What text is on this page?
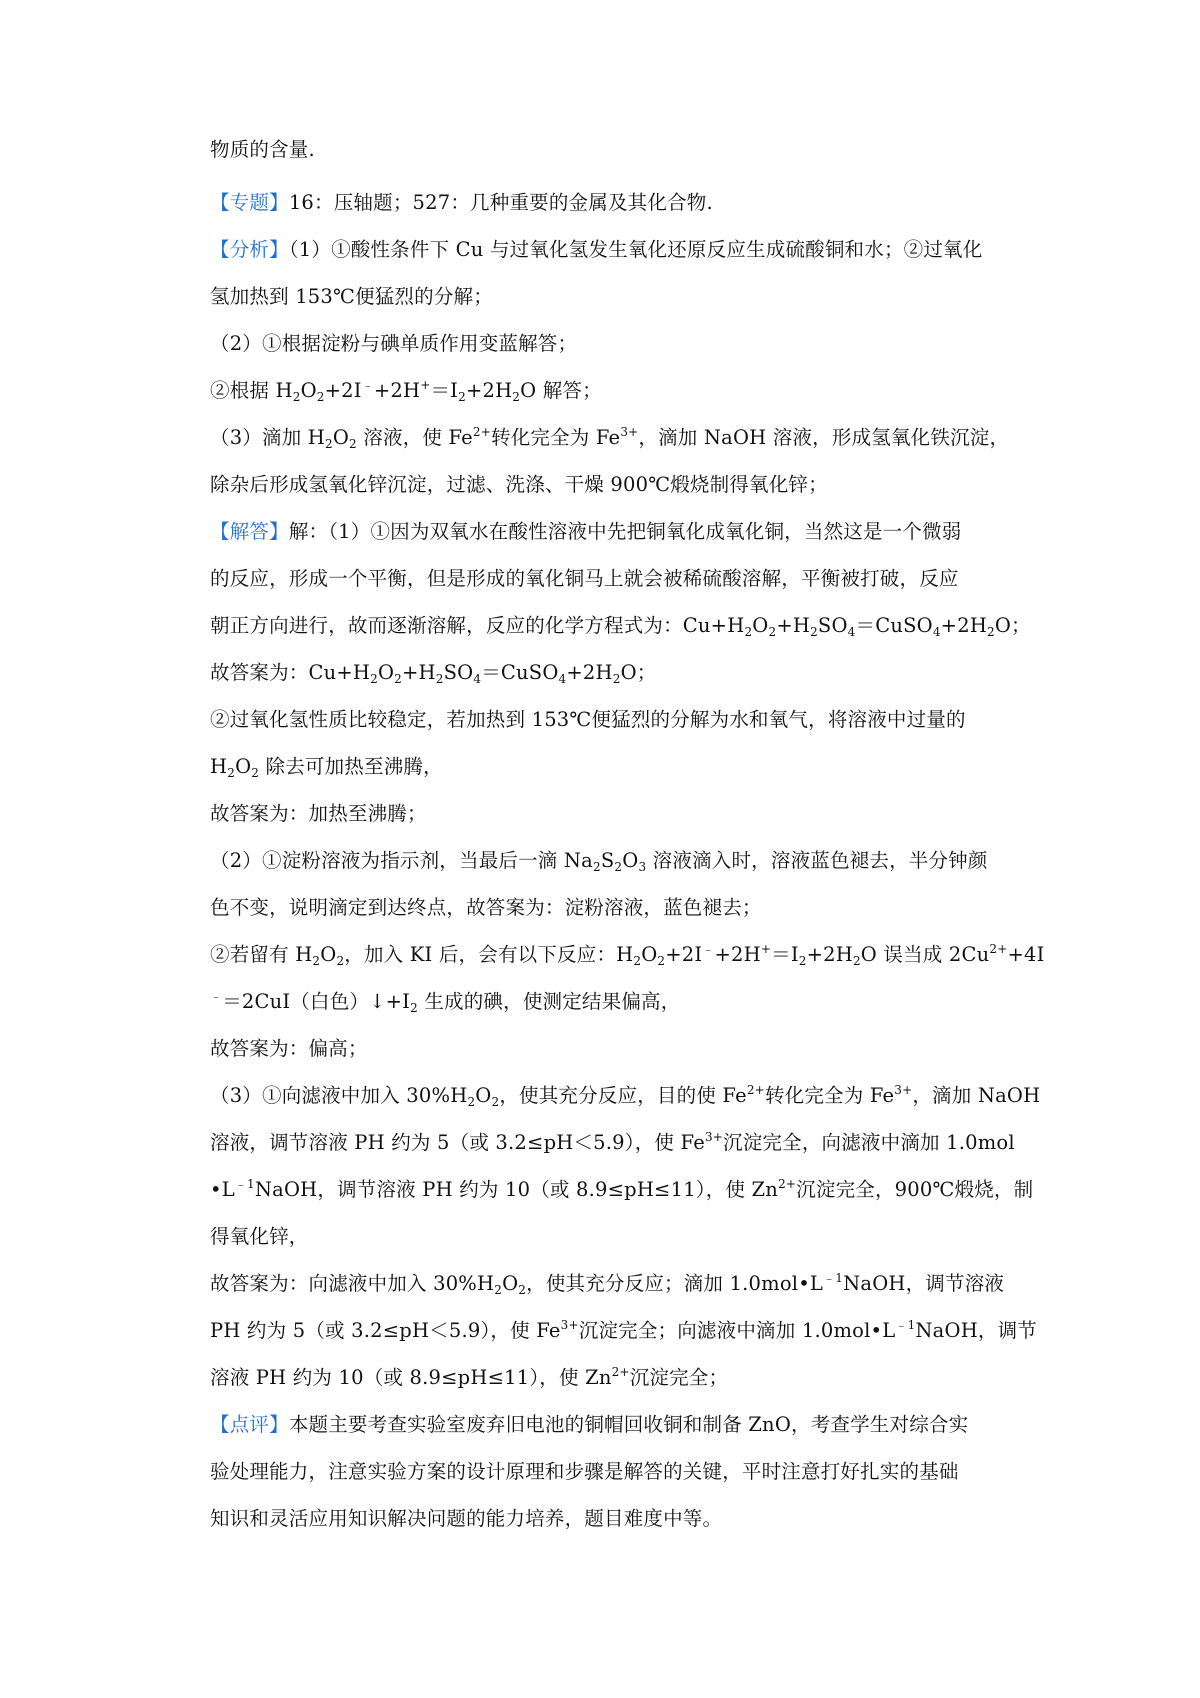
物质的含量.
【专题】16：压轴题；527：几种重要的金属及其化合物.
【分析】（1）①酸性条件下 Cu 与过氧化氢发生氧化还原反应生成硫酸铜和水；②过氧化
氢加热到 153℃便猛烈的分解；
（2）①根据淀粉与碘单质作用变蓝解答；
②根据 $H_2O_2+2I^﹣+2H^+=I_2+2H_2O$ 解答；
（3）滴加 $H_2O_2$ 溶液，使 $Fe^{2+}$转化完全为 $Fe^{3+}$，滴加 NaOH 溶液，形成氢氧化铁沉淀，
除杂后形成氢氧化锌沉淀，过滤、洗涤、干燥 900℃煅烧制得氧化锌；
【解答】解：（1）①因为双氧水在酸性溶液中先把铜氧化成氧化铜，当然这是一个微弱
的反应，形成一个平衡，但是形成的氧化铜马上就会被稀硫酸溶解，平衡被打破，反应
朝正方向进行，故而逐渐溶解，反应的化学方程式为：$Cu+H_2O_2+H_2SO_4=CuSO_4+2H_2O$；
故答案为：$Cu+H_2O_2+H_2SO_4=CuSO_4+2H_2O$；
②过氧化氢性质比较稳定，若加热到 153℃便猛烈的分解为水和氧气，将溶液中过量的
$H_2O_2$ 除去可加热至沸腾，
故答案为：加热至沸腾；
（2）①淀粉溶液为指示剂，当最后一滴 $Na_2S_2O_3$ 溶液滴入时，溶液蓝色褪去，半分钟颜
色不变，说明滴定到达终点，故答案为：淀粉溶液，蓝色褪去；
②若留有 $H_2O_2$，加入 KI 后，会有以下反应：$H_2O_2+2I^﹣+2H^+=I_2+2H_2O$ 误当成 $2Cu^{2+}+4I$
﹣＝2CuI（白色）$↓+I_2$ 生成的碘，使测定结果偏高，
故答案为：偏高；
（3）①向滤液中加入 $30\%H_2O_2$，使其充分反应，目的使 $Fe^{2+}$转化完全为 $Fe^{3+}$，滴加 NaOH
溶液，调节溶液 PH 约为 5（或 3.2≤pH＜5.9），使 $Fe^{3+}$沉淀完全，向滤液中滴加 1.0mol
$•L^{﹣1}NaOH$，调节溶液 PH 约为 10（或 8.9≤pH≤11），使 $Zn^{2+}$沉淀完全，900℃煅烧，制
得氧化锌，
故答案为：向滤液中加入 $30\%H_2O_2$，使其充分反应；滴加 $1.0mol•L^{﹣1}NaOH$，调节溶液
PH 约为 5（或 3.2≤pH＜5.9），使 $Fe^{3+}$沉淀完全；向滤液中滴加 $1.0mol•L^{﹣1}NaOH$，调节
溶液 PH 约为 10（或 8.9≤pH≤11），使 $Zn^{2+}$沉淀完全；
【点评】本题主要考查实验室废弃旧电池的铜帽回收铜和制备 ZnO，考查学生对综合实
验处理能力，注意实验方案的设计原理和步骤是解答的关键，平时注意打好扎实的基础
知识和灵活应用知识解决问题的能力培养，题目难度中等。
